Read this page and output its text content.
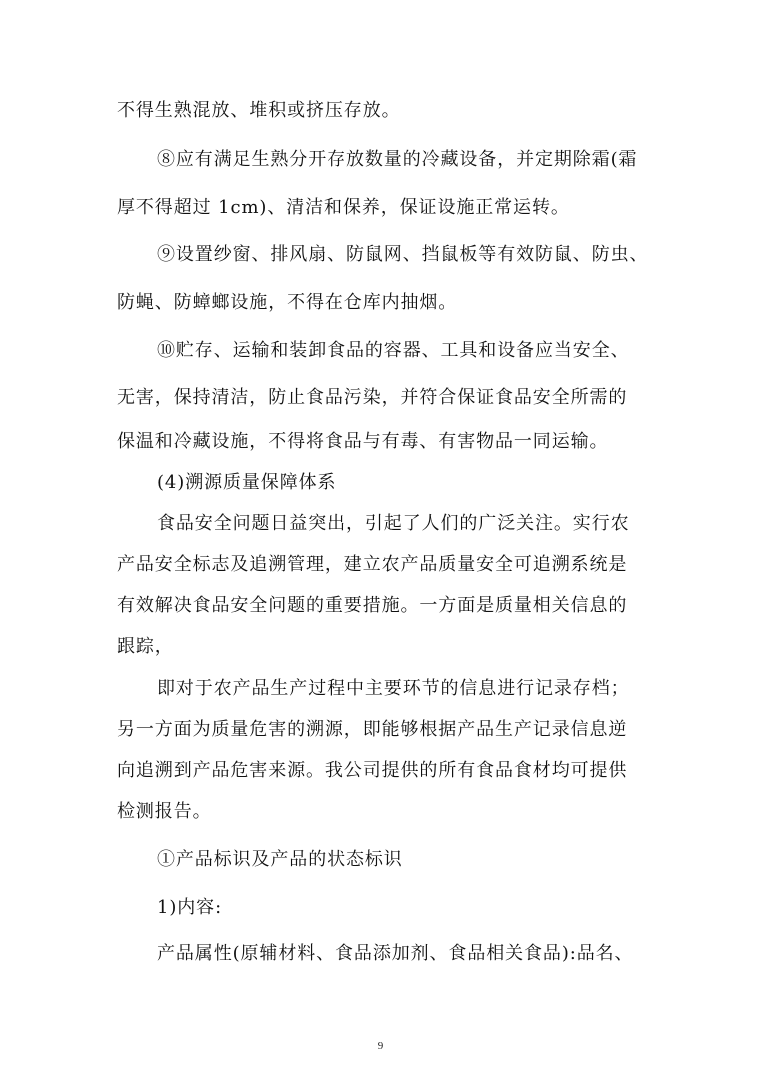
不得生熟混放、堆积或挤压存放。
⑧应有满足生熟分开存放数量的冷藏设备，并定期除霜(霜
厚不得超过 1cm)、清洁和保养，保证设施正常运转。
⑨设置纱窗、排风扇、防鼠网、挡鼠板等有效防鼠、防虫、
防蝇、防蟑螂设施，不得在仓库内抽烟。
⑩贮存、运输和装卸食品的容器、工具和设备应当安全、
无害，保持清洁，防止食品污染，并符合保证食品安全所需的
保温和冷藏设施，不得将食品与有毒、有害物品一同运输。
(4)溯源质量保障体系
食品安全问题日益突出，引起了人们的广泛关注。实行农
产品安全标志及追溯管理，建立农产品质量安全可追溯系统是
有效解决食品安全问题的重要措施。一方面是质量相关信息的
跟踪，
即对于农产品生产过程中主要环节的信息进行记录存档；
另一方面为质量危害的溯源，即能够根据产品生产记录信息逆
向追溯到产品危害来源。我公司提供的所有食品食材均可提供
检测报告。
①产品标识及产品的状态标识
1)内容:
产品属性(原辅材料、食品添加剂、食品相关食品):品名、
9
